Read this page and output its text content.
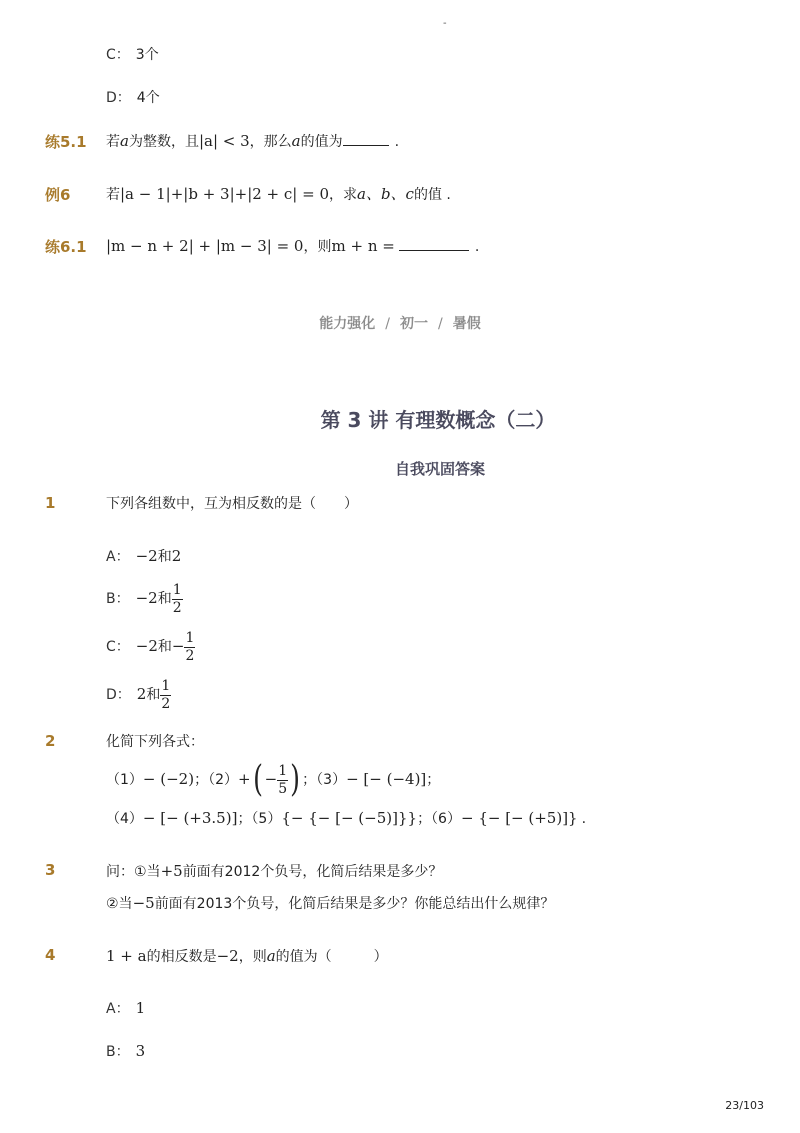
-
C： 3个
D： 4个
练5.1 若a为整数，且|a| < 3，那么a的值为	.
例6	若|a − 1|+|b + 3|+|2 + c| = 0，求a、b、c的值 .
练6.1 |m − n + 2| + |m − 3| = 0，则m + n =	.
能力强化 / 初一 / 暑假
第 3 讲 有理数概念（二）
自我巩固答案
1	下列各组数中，互为相反数的是（　　）
A： −2和2
B： −2和 $\frac{1}{2}$
C： −2和− $\frac{1}{2}$
D： 2和 $\frac{1}{2}$
2	化简下列各式：
（1）− (−2)；$(2)+( - \frac{1}{5}$ ) ；（3）− [− (−4)]；
（4）− [− (+3.5)]；（5）{− {− [− (−5)]}}；（6）− {− [− (+5)]} .
3	问：①当+5前面有2012个负号，化简后结果是多少？
②当−5前面有2013个负号，化简后结果是多少？你能总结出什么规律？
4	1 + a的相反数是−2，则a的值为（　　　）
A： 1
B： 3
23/103
